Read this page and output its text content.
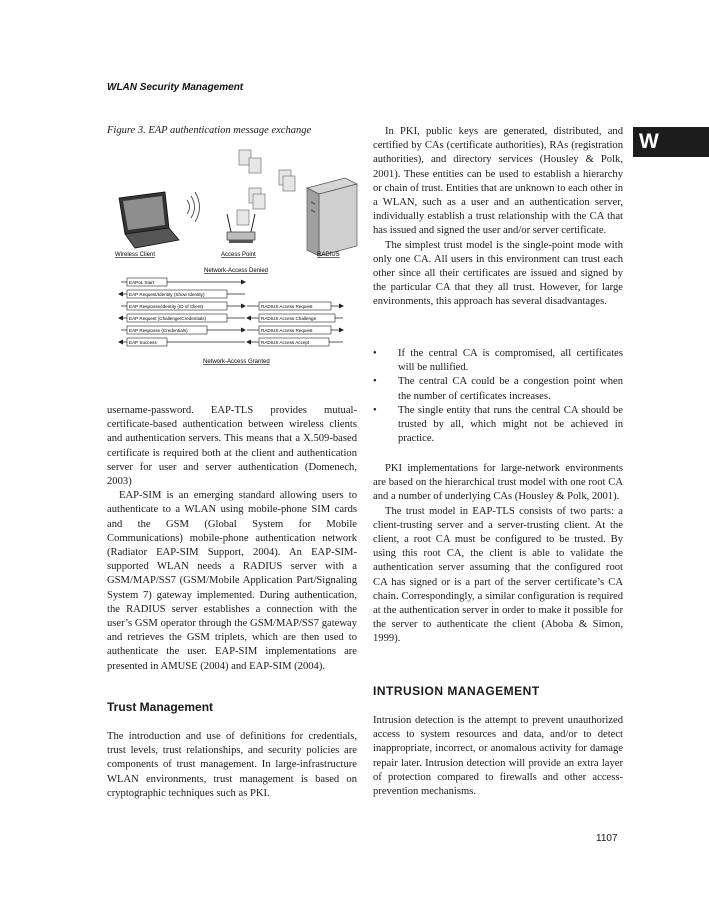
WLAN Security Management
W
Figure 3. EAP authentication message exchange
Wireless Client	Access Point	RADIUS
Network-Access Denied
EAPoL Start
EAP Request/Identity (Show Identity)
EAP Response/Identity (ID of Client)
EAP Request (Challenge/Credentials)
EAP Response (Credentials)
EAP Success
RADIUS Access Request
RADIUS Access Challenge
RADIUS Access Request
RADIUS Access Accept
Network-Access Granted

username-password. EAP-TLS provides mutual-certificate-based authentication between wireless clients and authentication servers. This means that a X.509-based certificate is required both at the client and authentication server for user and server authentication (Domenech, 2003)

EAP-SIM is an emerging standard allowing users to authenticate to a WLAN using mobile-phone SIM cards and the GSM (Global System for Mobile Communications) mobile-phone authentication network (Radiator EAP-SIM Support, 2004). An EAP-SIM-supported WLAN needs a RADIUS server with a GSM/MAP/SS7 (GSM/Mobile Application Part/Signaling System 7) gateway implemented. During authentication, the RADIUS server establishes a connection with the user’s GSM operator through the GSM/MAP/SS7 gateway and retrieves the GSM triplets, which are then used to authenticate the user. EAP-SIM implementations are presented in AMUSE (2004) and EAP-SIM (2004).

Trust Management

The introduction and use of definitions for credentials, trust levels, trust relationships, and security policies are components of trust management. In large-infrastructure WLAN environments, trust management is based on cryptographic techniques such as PKI.

In PKI, public keys are generated, distributed, and certified by CAs (certificate authorities), RAs (registration authorities), and directory services (Housley & Polk, 2001). These entities can be used to establish a hierarchy or chain of trust. Entities that are unknown to each other in a WLAN, such as a user and an authentication server, individually establish a trust relationship with the CA that has issued and signed the user and/or server certificate.

The simplest trust model is the single-point mode with only one CA. All users in this environment can trust each other since all their certificates are issued and signed by the particular CA that they all trust. However, for large environments, this approach has several disadvantages.

• If the central CA is compromised, all certificates will be nullified.
• The central CA could be a congestion point when the number of certificates increases.
• The single entity that runs the central CA should be trusted by all, which might not be achieved in practice.

PKI implementations for large-network environments are based on the hierarchical trust model with one root CA and a number of underlying CAs (Housley & Polk, 2001).

The trust model in EAP-TLS consists of two parts: a client-trusting server and a server-trusting client. At the client, a root CA must be configured to be trusted. By using this root CA, the client is able to validate the authentication server assuming that the configured root CA has signed or is a part of the server certificate’s CA chain. Correspondingly, a similar configuration is required at the authentication server in order to make it possible for the server to authenticate the client (Aboba & Simon, 1999).

INTRUSION MANAGEMENT

Intrusion detection is the attempt to prevent unauthorized access to system resources and data, and/or to detect inappropriate, incorrect, or anomalous activity for damage repair later. Intrusion detection will provide an extra layer of protection compared to firewalls and other access-prevention mechanisms.

1107
